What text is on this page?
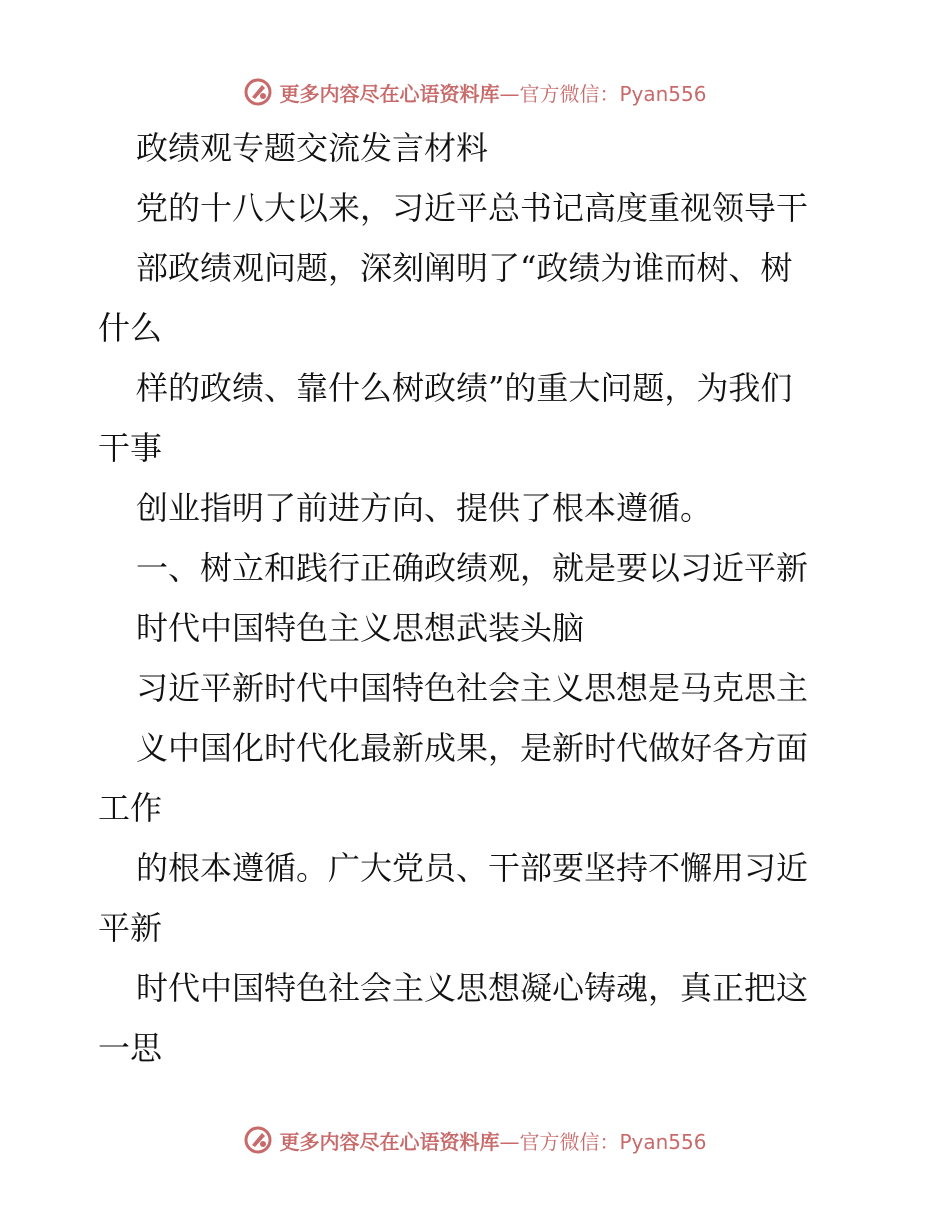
更多内容尽在心语资料库 —官方微信：Pyan556
政绩观专题交流发言材料
党的十八大以来，习近平总书记高度重视领导干
部政绩观问题，深刻阐明了“政绩为谁而树、树
什么
样的政绩、靠什么树政绩”的重大问题，为我们
干事
创业指明了前进方向、提供了根本遵循。
一、树立和践行正确政绩观，就是要以习近平新
时代中国特色主义思想武装头脑
习近平新时代中国特色社会主义思想是马克思主
义中国化时代化最新成果，是新时代做好各方面
工作
的根本遵循。广大党员、干部要坚持不懈用习近
平新
时代中国特色社会主义思想凝心铸魂，真正把这
一思
更多内容尽在心语资料库 —官方微信：Pyan556
